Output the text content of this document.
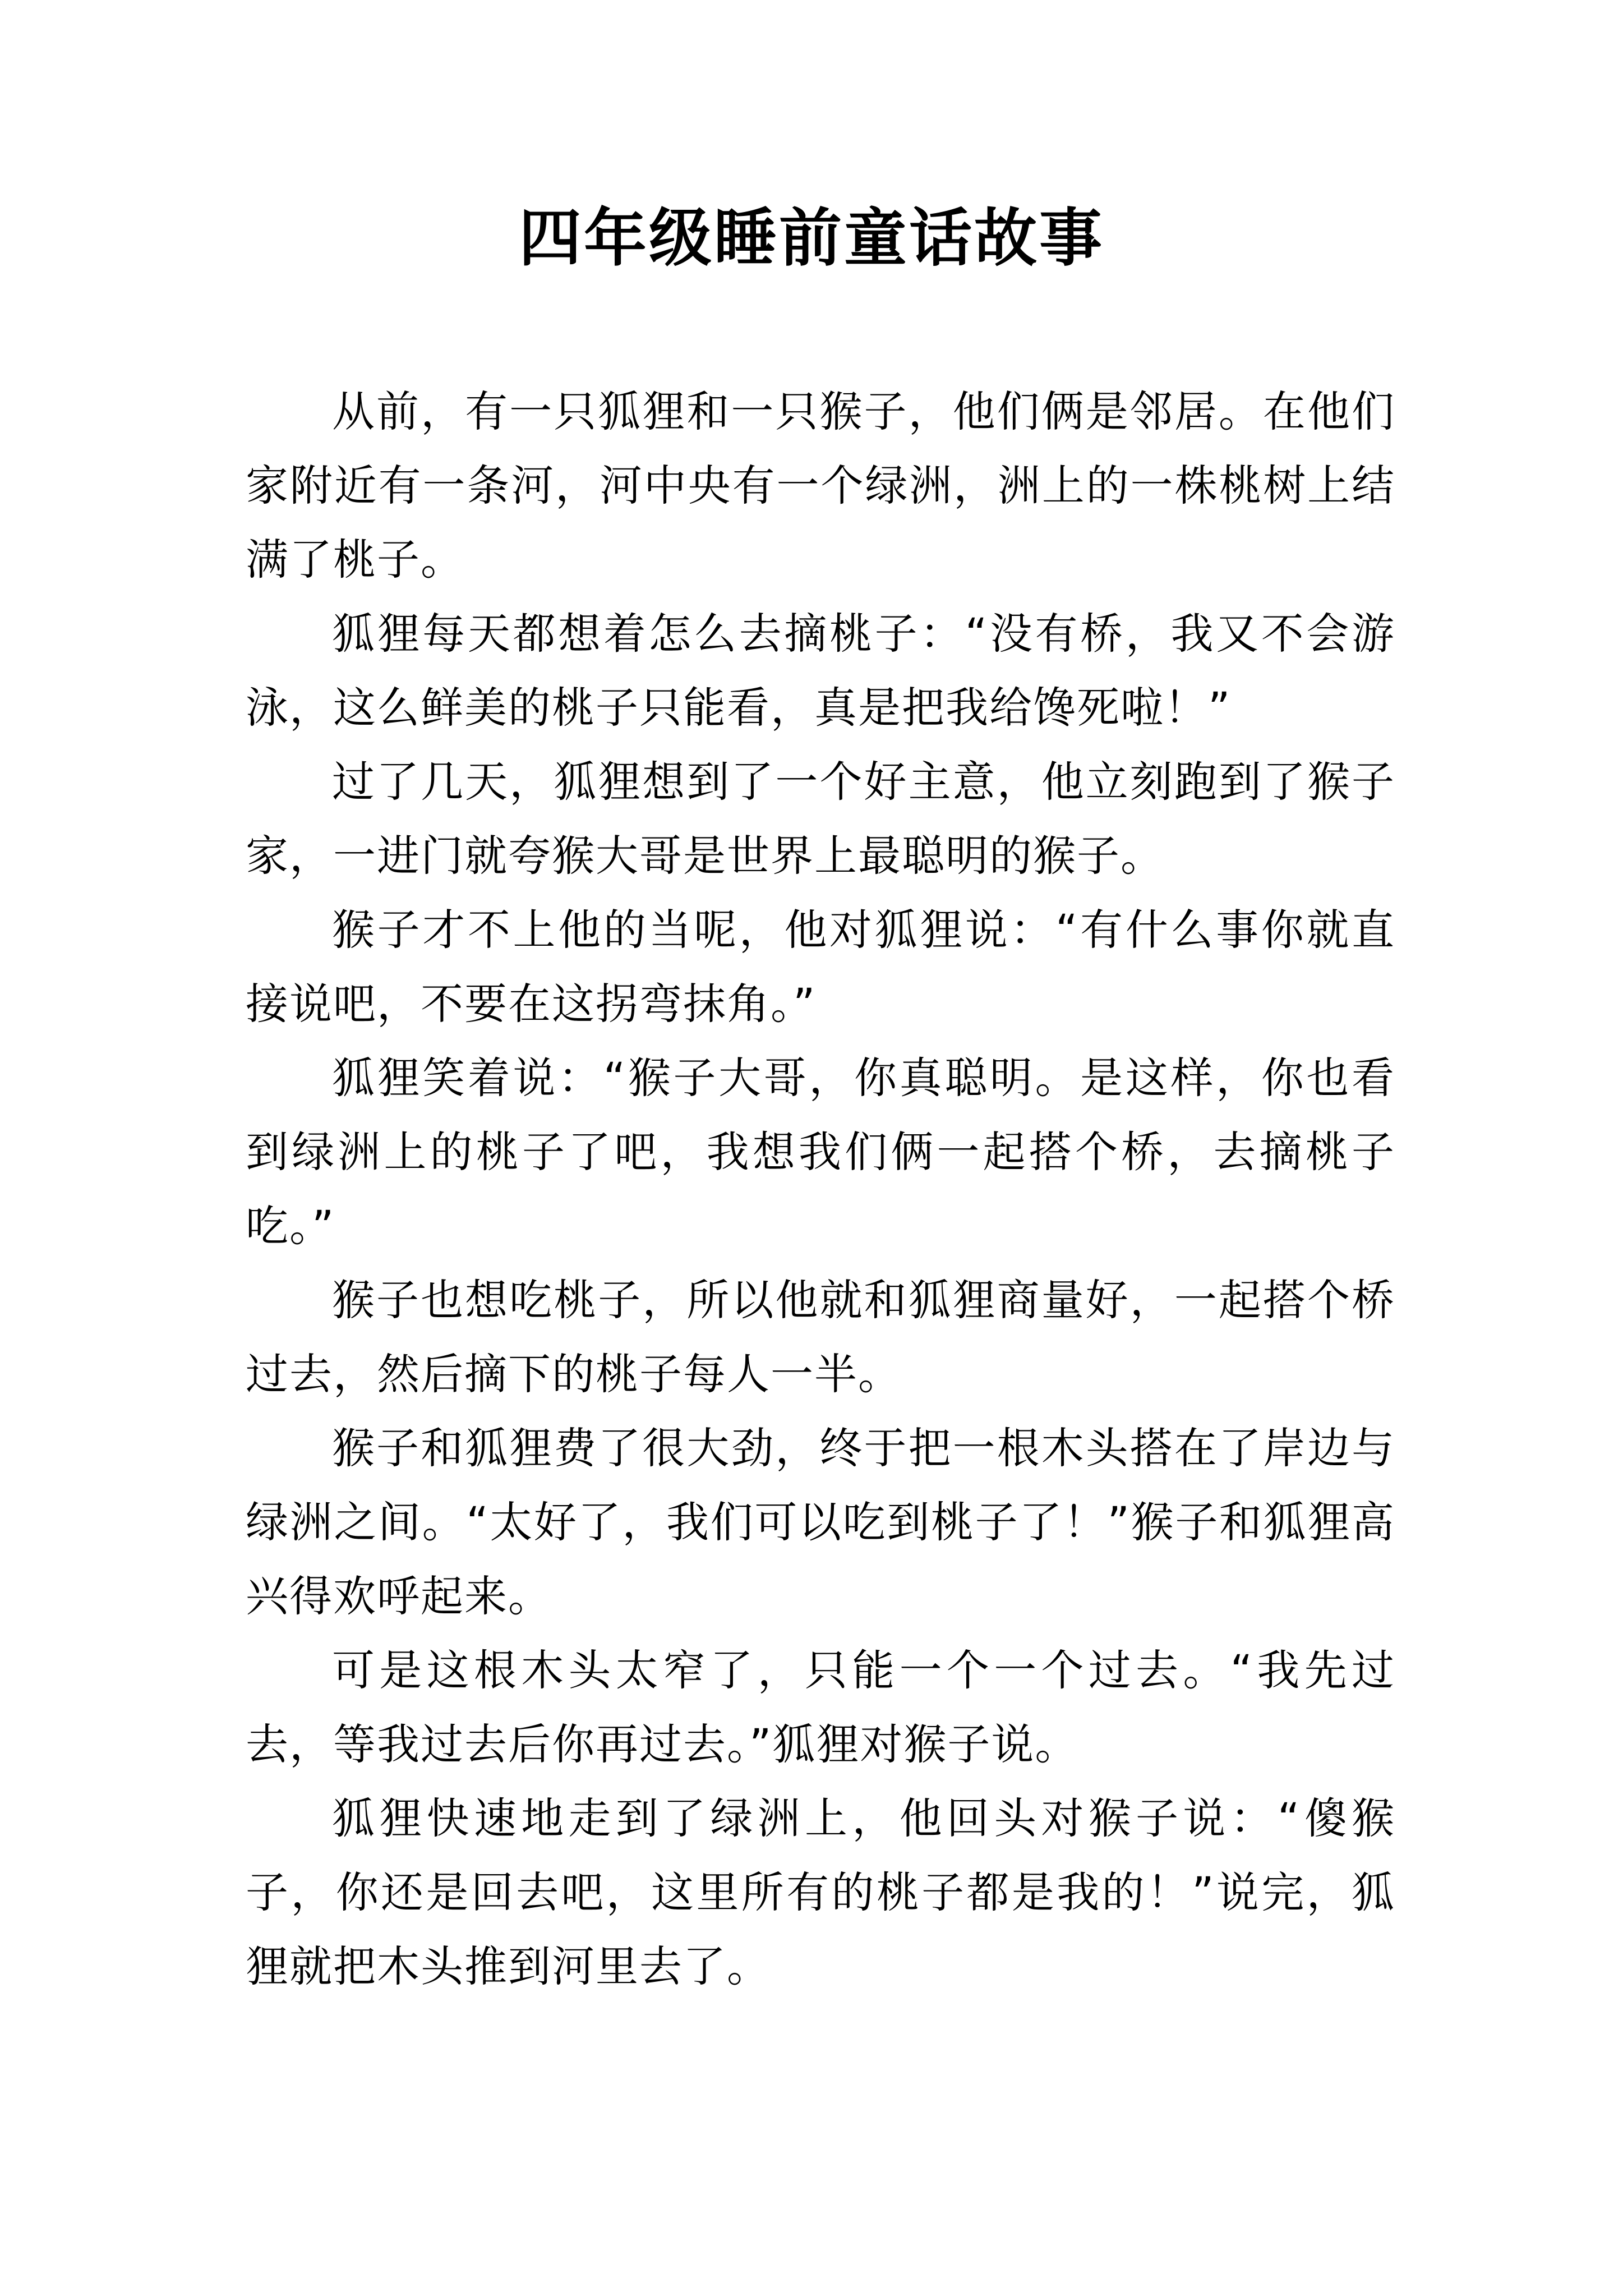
四年级睡前童话故事

从前，有一只狐狸和一只猴子，他们俩是邻居。在他们家附近有一条河，河中央有一个绿洲，洲上的一株桃树上结满了桃子。

狐狸每天都想着怎么去摘桃子：“没有桥，我又不会游泳，这么鲜美的桃子只能看，真是把我给馋死啦！”

过了几天，狐狸想到了一个好主意，他立刻跑到了猴子家，一进门就夸猴大哥是世界上最聪明的猴子。

猴子才不上他的当呢，他对狐狸说：“有什么事你就直接说吧，不要在这拐弯抹角。”

狐狸笑着说：“猴子大哥，你真聪明。是这样，你也看到绿洲上的桃子了吧，我想我们俩一起搭个桥，去摘桃子吃。”

猴子也想吃桃子，所以他就和狐狸商量好，一起搭个桥过去，然后摘下的桃子每人一半。

猴子和狐狸费了很大劲，终于把一根木头搭在了岸边与绿洲之间。“太好了，我们可以吃到桃子了！”猴子和狐狸高兴得欢呼起来。

可是这根木头太窄了，只能一个一个过去。“我先过去，等我过去后你再过去。”狐狸对猴子说。

狐狸快速地走到了绿洲上，他回头对猴子说：“傻猴子，你还是回去吧，这里所有的桃子都是我的！”说完，狐狸就把木头推到河里去了。
